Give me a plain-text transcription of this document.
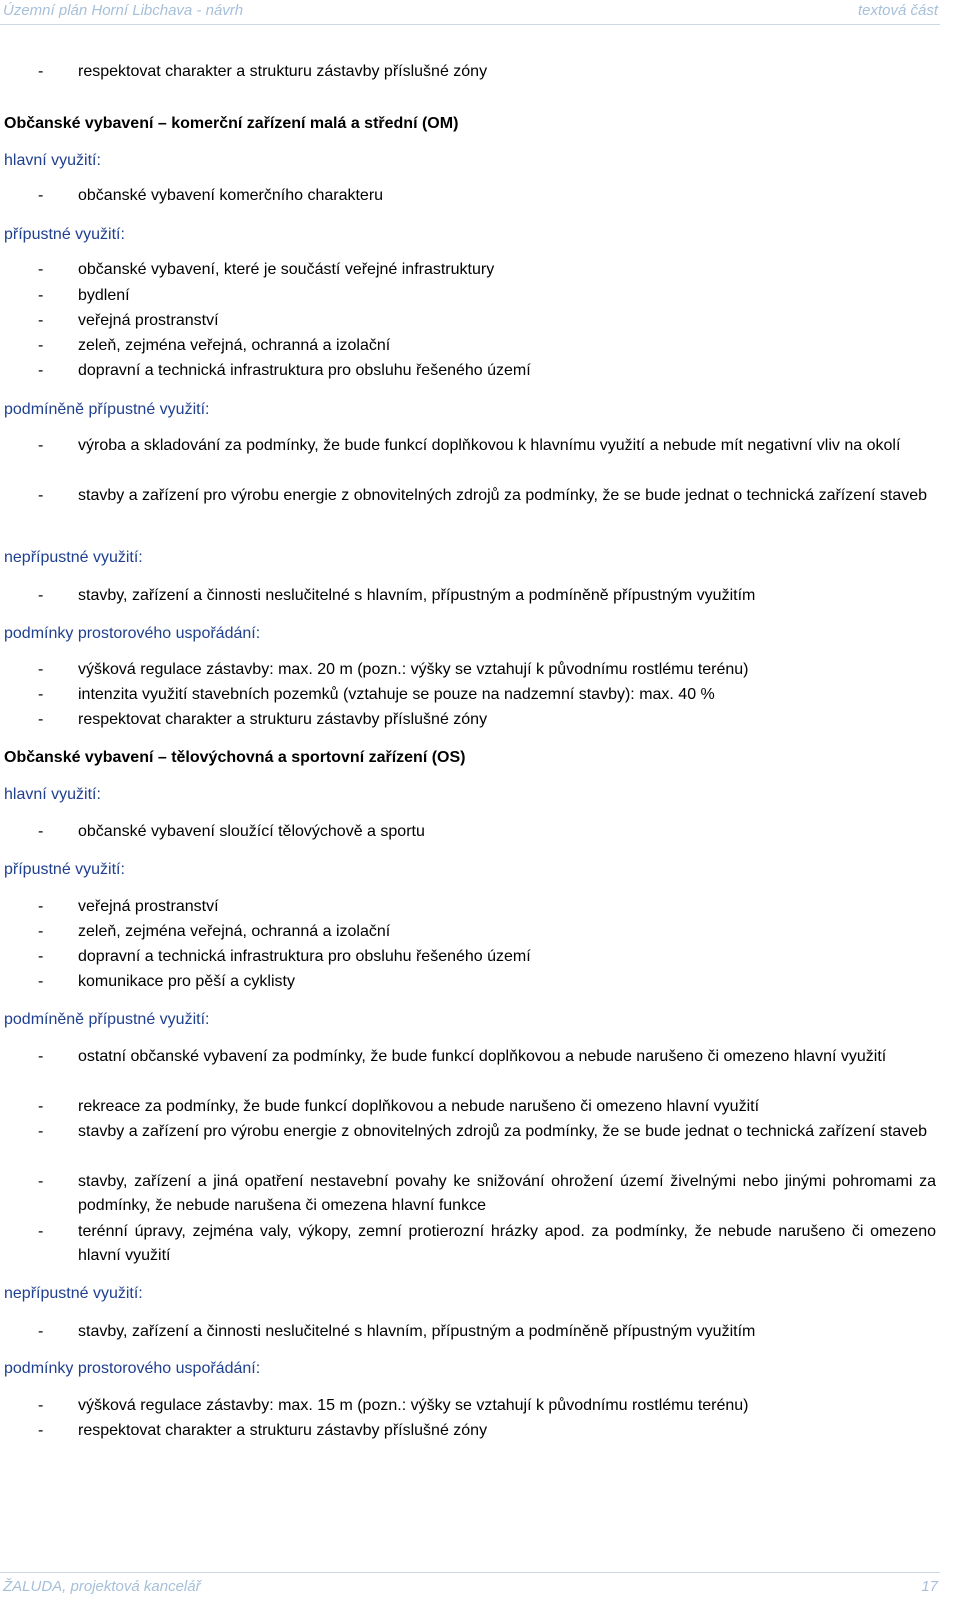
Územní plán Horní Libchava - návrh	textová část
- respektovat charakter a strukturu zástavby příslušné zóny
Občanské vybavení – komerční zařízení malá a střední (OM)
hlavní využití:
- občanské vybavení komerčního charakteru
přípustné využití:
- občanské vybavení, které je součástí veřejné infrastruktury
- bydlení
- veřejná prostranství
- zeleň, zejména veřejná, ochranná a izolační
- dopravní a technická infrastruktura pro obsluhu řešeného území
podmíněně přípustné využití:
- výroba a skladování za podmínky, že bude funkcí doplňkovou k hlavnímu využití a nebude mít negativní vliv na okolí
- stavby a zařízení pro výrobu energie z obnovitelných zdrojů za podmínky, že se bude jednat o technická zařízení staveb
nepřípustné využití:
- stavby, zařízení a činnosti neslučitelné s hlavním, přípustným a podmíněně přípustným využitím
podmínky prostorového uspořádání:
- výšková regulace zástavby: max. 20 m (pozn.: výšky se vztahují k původnímu rostlému terénu)
- intenzita využití stavebních pozemků (vztahuje se pouze na nadzemní stavby): max. 40 %
- respektovat charakter a strukturu zástavby příslušné zóny
Občanské vybavení – tělovýchovná a sportovní zařízení (OS)
hlavní využití:
- občanské vybavení sloužící tělovýchově a sportu
přípustné využití:
- veřejná prostranství
- zeleň, zejména veřejná, ochranná a izolační
- dopravní a technická infrastruktura pro obsluhu řešeného území
- komunikace pro pěší a cyklisty
podmíněně přípustné využití:
- ostatní občanské vybavení za podmínky, že bude funkcí doplňkovou a nebude narušeno či omezeno hlavní využití
- rekreace za podmínky, že bude funkcí doplňkovou a nebude narušeno či omezeno hlavní využití
- stavby a zařízení pro výrobu energie z obnovitelných zdrojů za podmínky, že se bude jednat o technická zařízení staveb
- stavby, zařízení a jiná opatření nestavební povahy ke snižování ohrožení území živelnými nebo jinými pohromami za podmínky, že nebude narušena či omezena hlavní funkce
- terénní úpravy, zejména valy, výkopy, zemní protierozní hrázky apod. za podmínky, že nebude narušeno či omezeno hlavní využití
nepřípustné využití:
- stavby, zařízení a činnosti neslučitelné s hlavním, přípustným a podmíněně přípustným využitím
podmínky prostorového uspořádání:
- výšková regulace zástavby: max. 15 m (pozn.: výšky se vztahují k původnímu rostlému terénu)
- respektovat charakter a strukturu zástavby příslušné zóny
ŽALUDA, projektová kancelář	17
